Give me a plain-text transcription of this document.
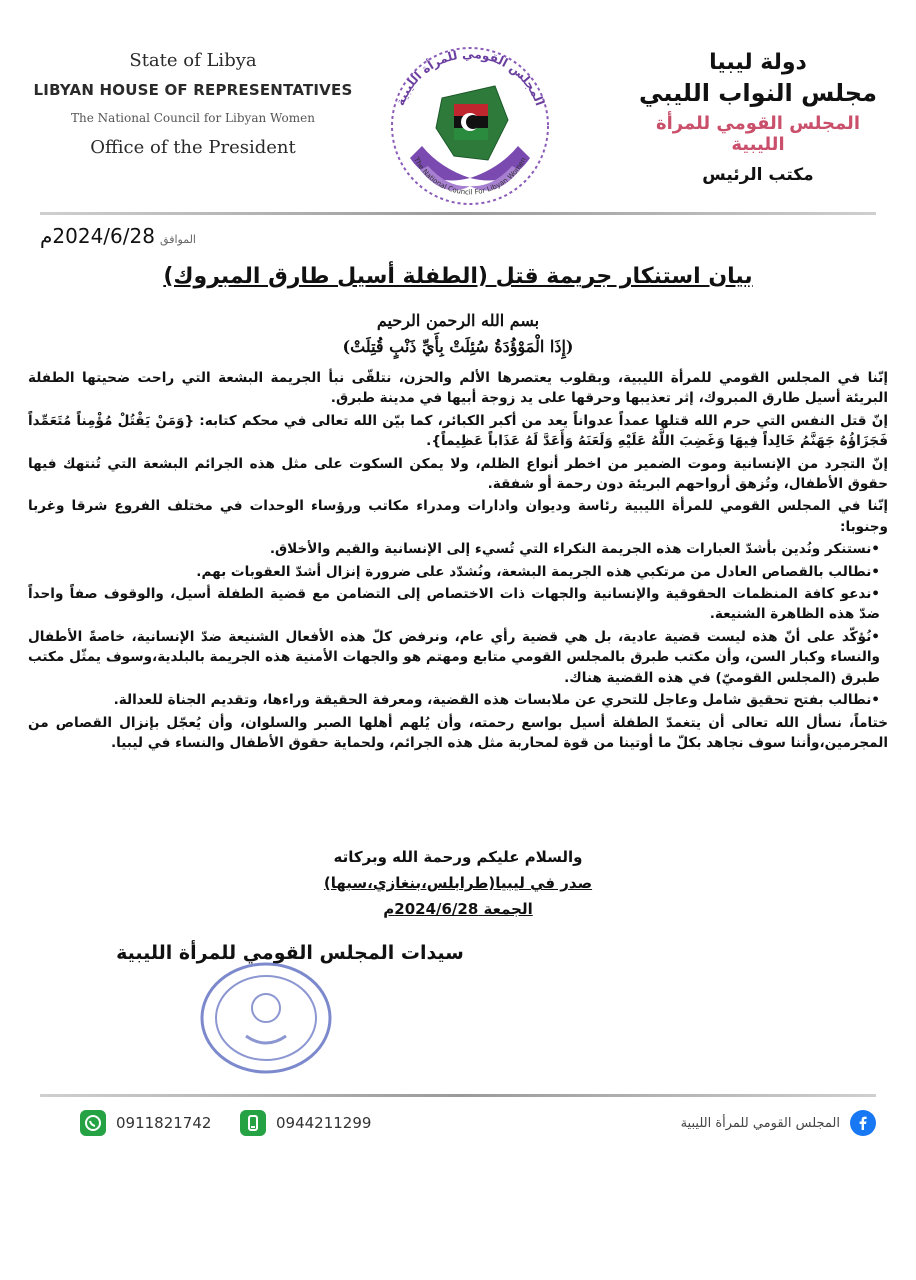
State of Libya
LIBYAN HOUSE OF REPRESENTATIVES
The National Council for Libyan Women
Office of the President
المجلس القومي للمرأة الليبية
The National Council For Libyan Women
دولة ليبيا
مجلس النواب الليبي
المجلس القومي للمرأة الليبية
مكتب الرئيس
الموافق 2024/6/28م
بيان استنكار جريمة قتل (الطفلة أسيل طارق المبروك)
بسم الله الرحمن الرحيم
(إِذَا الْمَوْؤُدَةُ سُئِلَتْ بِأَيِّ ذَنْبٍ قُتِلَتْ)

إنّنا في المجلس القومي للمرأة الليبية، وبقلوب يعتصرها الألم والحزن، نتلقّى نبأ الجريمة البشعة التي راحت ضحيتها الطفلة البريئة أسيل طارق المبروك، إثر تعذيبها وحرقها على يد زوجة أبيها في مدينة طبرق.

إنّ قتل النفس التي حرم الله قتلها عمداً عدواناً يعد من أكبر الكبائر، كما بيّن الله تعالى في محكم كتابه: {وَمَنْ يَقْتُلْ مُؤْمِناً مُتَعَمِّداً فَجَزَاؤُهُ جَهَنَّمُ خَالِداً فِيهَا وَغَضِبَ اللَّهُ عَلَيْهِ وَلَعَنَهُ وَأَعَدَّ لَهُ عَذَاباً عَظِيماً}.

إنّ التجرد من الإنسانية وموت الضمير من اخطر أنواع الظلم، ولا يمكن السكوت على مثل هذه الجرائم البشعة التي تُنتهك فيها حقوق الأطفال، وتُزهق أرواحهم البريئة دون رحمة أو شفقة.

إنّنا في المجلس القومي للمرأة الليبية رئاسة وديوان وادارات ومدراء مكاتب ورؤساء الوحدات في مختلف الفروع شرقا وغربا وجنوبا:

•نستنكر ونُدين بأشدّ العبارات هذه الجريمة النكراء التي تُسيء إلى الإنسانية والقيم والأخلاق.

•نطالب بالقصاص العادل من مرتكبي هذه الجريمة البشعة، ونُشدّد على ضرورة إنزال أشدّ العقوبات بهم.

•ندعو كافة المنظمات الحقوقية والإنسانية والجهات ذات الاختصاص إلى التضامن مع قضية الطفلة أسيل، والوقوف صفاً واحداً ضدّ هذه الظاهرة الشنيعة.

•نُؤكّد على أنّ هذه ليست قضية عادية، بل هي قضية رأي عام، ونرفض كلّ هذه الأفعال الشنيعة ضدّ الإنسانية، خاصةً الأطفال والنساء وكبار السن، وأن مكتب طبرق بالمجلس القومي متابع ومهتم هو والجهات الأمنية هذه الجريمة بالبلدية،وسوف يمثّل مكتب طبرق (المجلس القوميّ) في هذه القضية هناك.

•نطالب بفتح تحقيق شامل وعاجل للتحري عن ملابسات هذه القضية، ومعرفة الحقيقة وراءها، وتقديم الجناة للعدالة.

ختاماً، نسأل الله تعالى أن يتغمدّ الطفلة أسيل بواسع رحمته، وأن يُلهم أهلها الصبر والسلوان، وأن يُعجّل بإنزال القصاص من المجرمين،وأننا سوف نجاهد بكلّ ما أوتينا من قوة لمحاربة مثل هذه الجرائم، ولحماية حقوق الأطفال والنساء في ليبيا.

والسلام عليكم ورحمة الله وبركاته
صدر في ليبيا(طرابلس،بنغازي،سبها)
الجمعة 2024/6/28م
سيدات المجلس القومي للمرأة الليبية
0911821742	0944211299	المجلس القومي للمرأة الليبية
